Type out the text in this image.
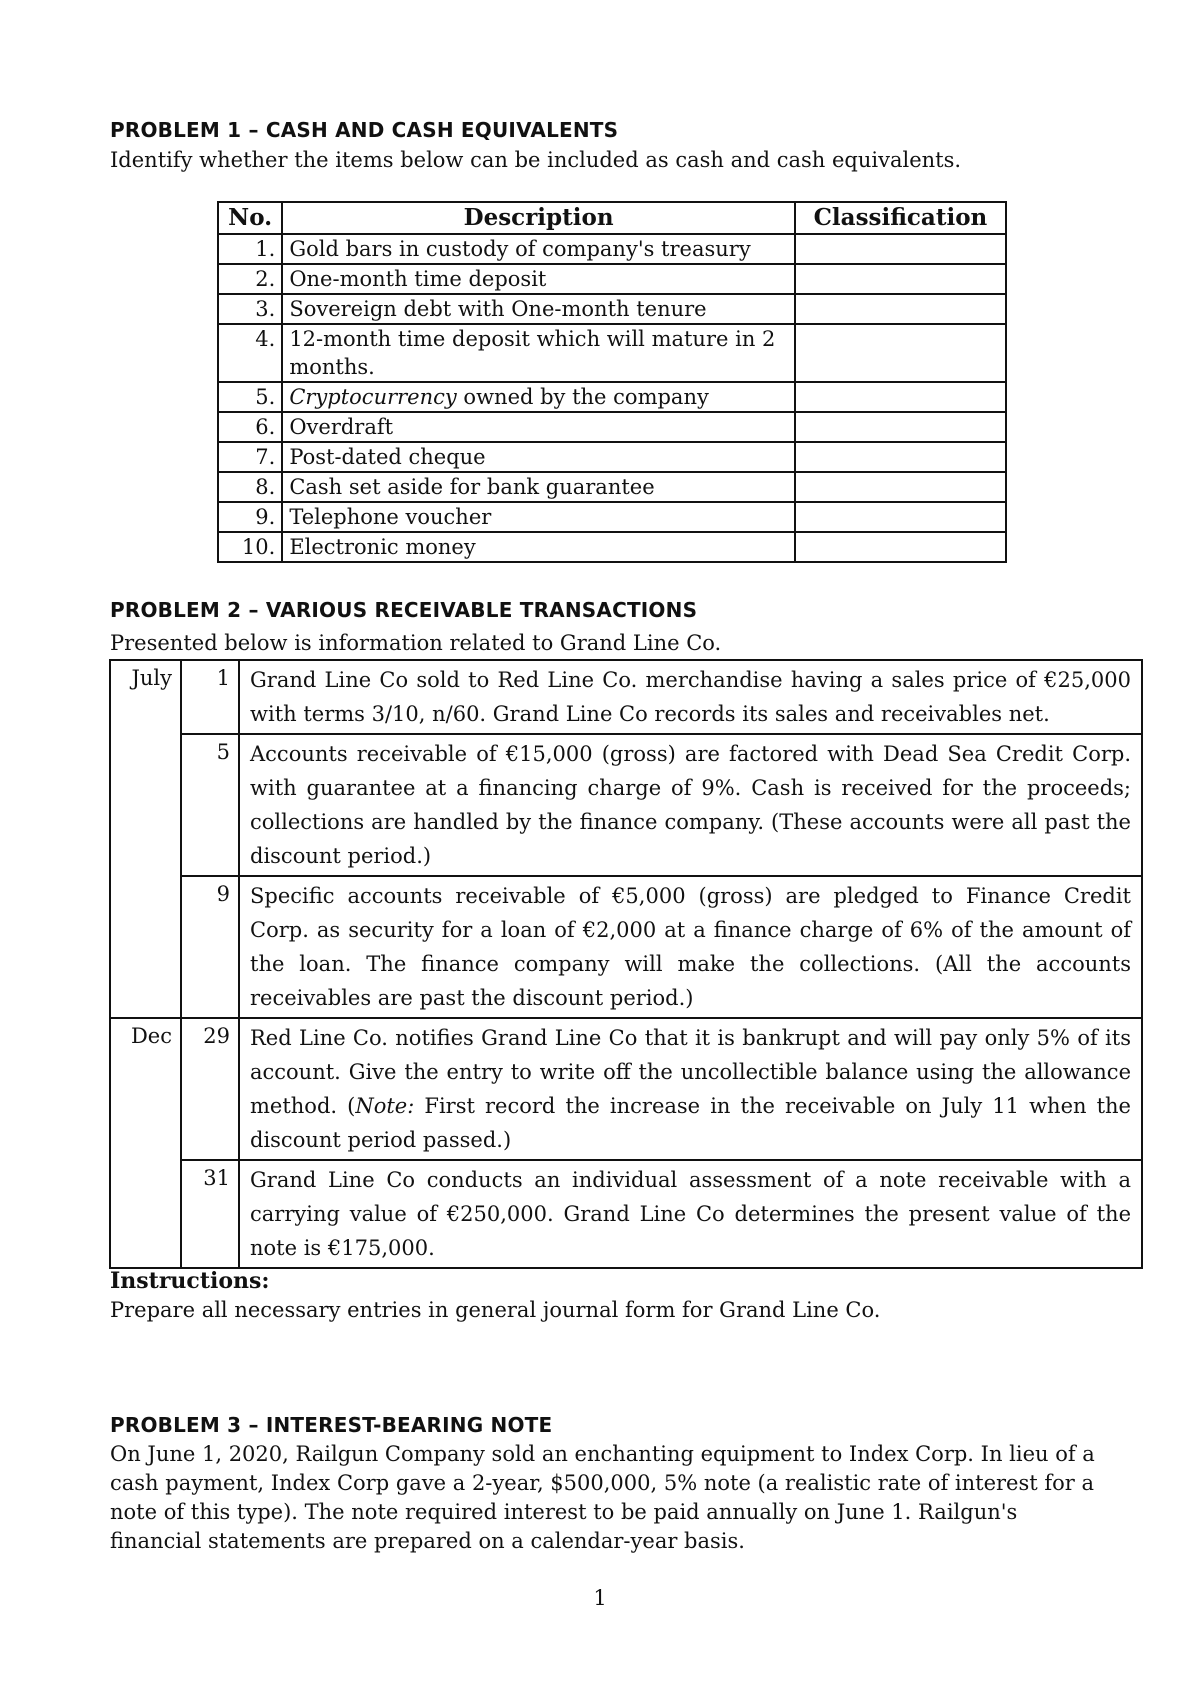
PROBLEM 1 – CASH AND CASH EQUIVALENTS

Identify whether the items below can be included as cash and cash equivalents.

No.	Description	Classification
1.	Gold bars in custody of company's treasury	
2.	One-month time deposit	
3.	Sovereign debt with One-month tenure	
4.	12-month time deposit which will mature in 2 months.	
5.	Cryptocurrency owned by the company	
6.	Overdraft	
7.	Post-dated cheque	
8.	Cash set aside for bank guarantee	
9.	Telephone voucher	
10.	Electronic money	
PROBLEM 2 – VARIOUS RECEIVABLE TRANSACTIONS

Presented below is information related to Grand Line Co.

July	1	Grand Line Co sold to Red Line Co. merchandise having a sales price of €25,000 with terms 3/10, n/60. Grand Line Co records its sales and receivables net.
	5	Accounts receivable of €15,000 (gross) are factored with Dead Sea Credit Corp. with guarantee at a financing charge of 9%. Cash is received for the proceeds; collections are handled by the finance company. (These accounts were all past the discount period.)
	9	Specific accounts receivable of €5,000 (gross) are pledged to Finance Credit Corp. as security for a loan of €2,000 at a finance charge of 6% of the amount of the loan. The finance company will make the collections. (All the accounts receivables are past the discount period.)
Dec	29	Red Line Co. notifies Grand Line Co that it is bankrupt and will pay only 5% of its account. Give the entry to write off the uncollectible balance using the allowance method. (Note: First record the increase in the receivable on July 11 when the discount period passed.)
	31	Grand Line Co conducts an individual assessment of a note receivable with a carrying value of €250,000. Grand Line Co determines the present value of the note is €175,000.
Instructions:

Prepare all necessary entries in general journal form for Grand Line Co.

PROBLEM 3 – INTEREST-BEARING NOTE

On June 1, 2020, Railgun Company sold an enchanting equipment to Index Corp. In lieu of a cash payment, Index Corp gave a 2-year, $500,000, 5% note (a realistic rate of interest for a note of this type). The note required interest to be paid annually on June 1. Railgun's financial statements are prepared on a calendar-year basis.

1
